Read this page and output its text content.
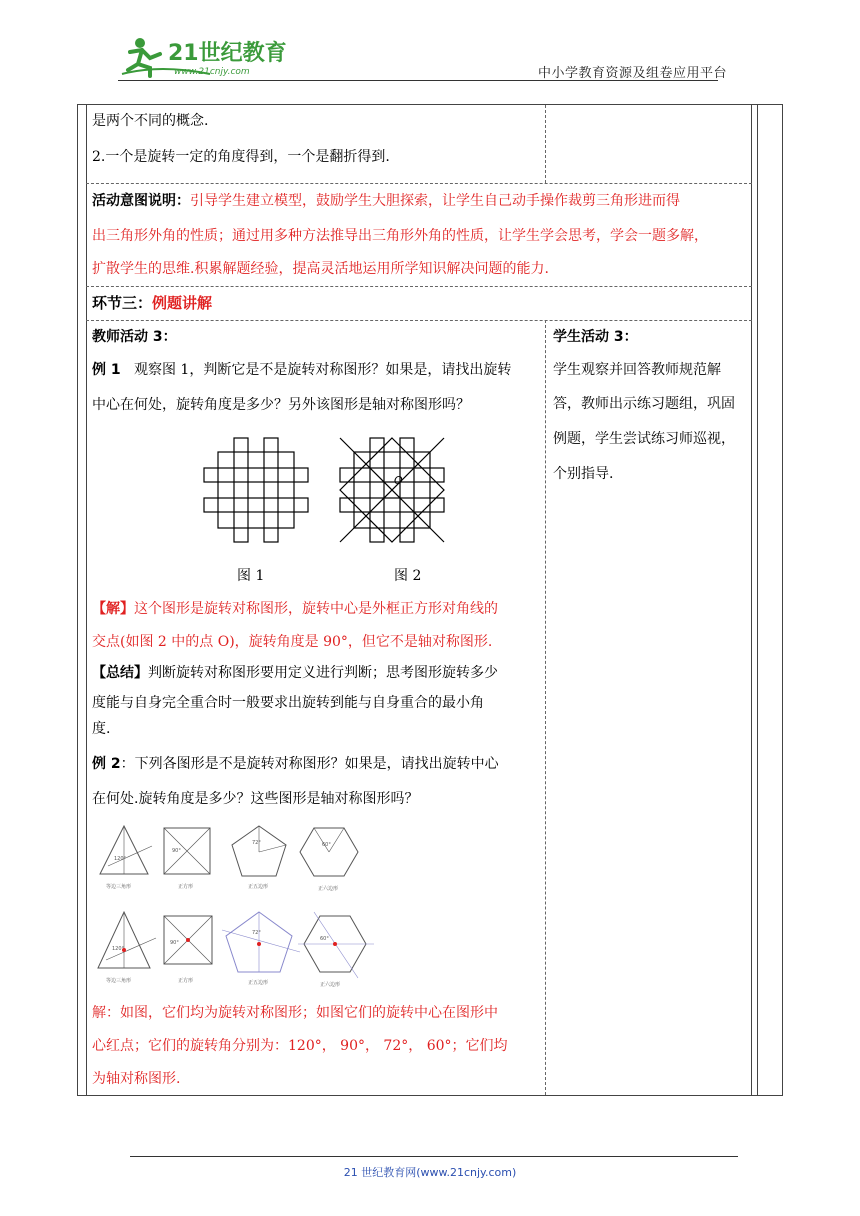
21世纪教育
www.21cnjy.com	中小学教育资源及组卷应用平台
是两个不同的概念.
2.一个是旋转一定的角度得到，一个是翻折得到.
活动意图说明：引导学生建立模型，鼓励学生大胆探索，让学生自己动手操作裁剪三角形进而得
出三角形外角的性质；通过用多种方法推导出三角形外角的性质，让学生学会思考，学会一题多解，
扩散学生的思维.积累解题经验，提高灵活地运用所学知识解决问题的能力.
环节三：例题讲解
教师活动 3：
例 1 观察图 1，判断它是不是旋转对称图形？如果是，请找出旋转
中心在何处，旋转角度是多少？另外该图形是轴对称图形吗？
O
图 1	图 2
【解】这个图形是旋转对称图形，旋转中心是外框正方形对角线的
交点(如图 2 中的点 O)，旋转角度是 90°，但它不是轴对称图形.
【总结】判断旋转对称图形要用定义进行判断；思考图形旋转多少
度能与自身完全重合时一般要求出旋转到能与自身重合的最小角
度.
例 2：下列各图形是不是旋转对称图形？如果是，请找出旋转中心
在何处.旋转角度是多少？这些图形是轴对称图形吗？
120°
等边三角形
90°
正方形
72°
正五边形
60°
正六边形
120°
等边三角形
90°
正方形
72°
正五边形
60°
正六边形
解：如图，它们均为旋转对称图形；如图它们的旋转中心在图形中
心红点；它们的旋转角分别为：120°， 90°， 72°， 60°；它们均
为轴对称图形.
学生活动 3：
学生观察并回答教师规范解
答，教师出示练习题组，巩固
例题，学生尝试练习师巡视，
个别指导.
21 世纪教育网(www.21cnjy.com)
